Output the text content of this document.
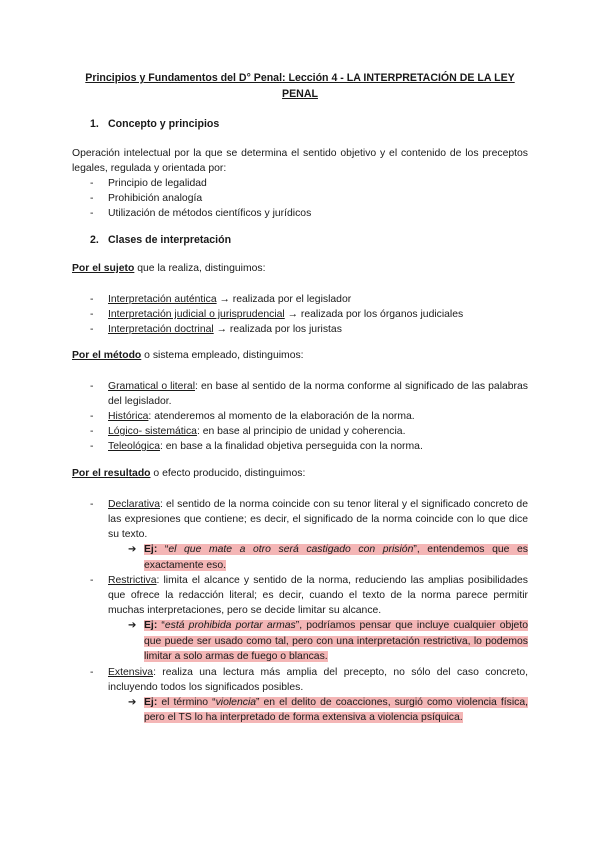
Principios y Fundamentos del D° Penal: Lección 4 - LA INTERPRETACIÓN DE LA LEY PENAL
1. Concepto y principios
Operación intelectual por la que se determina el sentido objetivo y el contenido de los preceptos legales, regulada y orientada por:
- Principio de legalidad
- Prohibición analogía
- Utilización de métodos científicos y jurídicos
2. Clases de interpretación
Por el sujeto que la realiza, distinguimos:
- Interpretación auténtica → realizada por el legislador
- Interpretación judicial o jurisprudencial → realizada por los órganos judiciales
- Interpretación doctrinal → realizada por los juristas
Por el método o sistema empleado, distinguimos:
- Gramatical o literal: en base al sentido de la norma conforme al significado de las palabras del legislador.
- Histórica: atenderemos al momento de la elaboración de la norma.
- Lógico- sistemática: en base al principio de unidad y coherencia.
- Teleológica: en base a la finalidad objetiva perseguida con la norma.
Por el resultado o efecto producido, distinguimos:
- Declarativa: el sentido de la norma coincide con su tenor literal y el significado concreto de las expresiones que contiene; es decir, el significado de la norma coincide con lo que dice su texto.
➔ Ej: “el que mate a otro será castigado con prisión”, entendemos que es exactamente eso.
- Restrictiva: limita el alcance y sentido de la norma, reduciendo las amplias posibilidades que ofrece la redacción literal; es decir, cuando el texto de la norma parece permitir muchas interpretaciones, pero se decide limitar su alcance.
➔ Ej: “está prohibida portar armas”, podríamos pensar que incluye cualquier objeto que puede ser usado como tal, pero con una interpretación restrictiva, lo podemos limitar a solo armas de fuego o blancas.
- Extensiva: realiza una lectura más amplia del precepto, no sólo del caso concreto, incluyendo todos los significados posibles.
➔ Ej: el término “violencia” en el delito de coacciones, surgió como violencia física, pero el TS lo ha interpretado de forma extensiva a violencia psíquica.
